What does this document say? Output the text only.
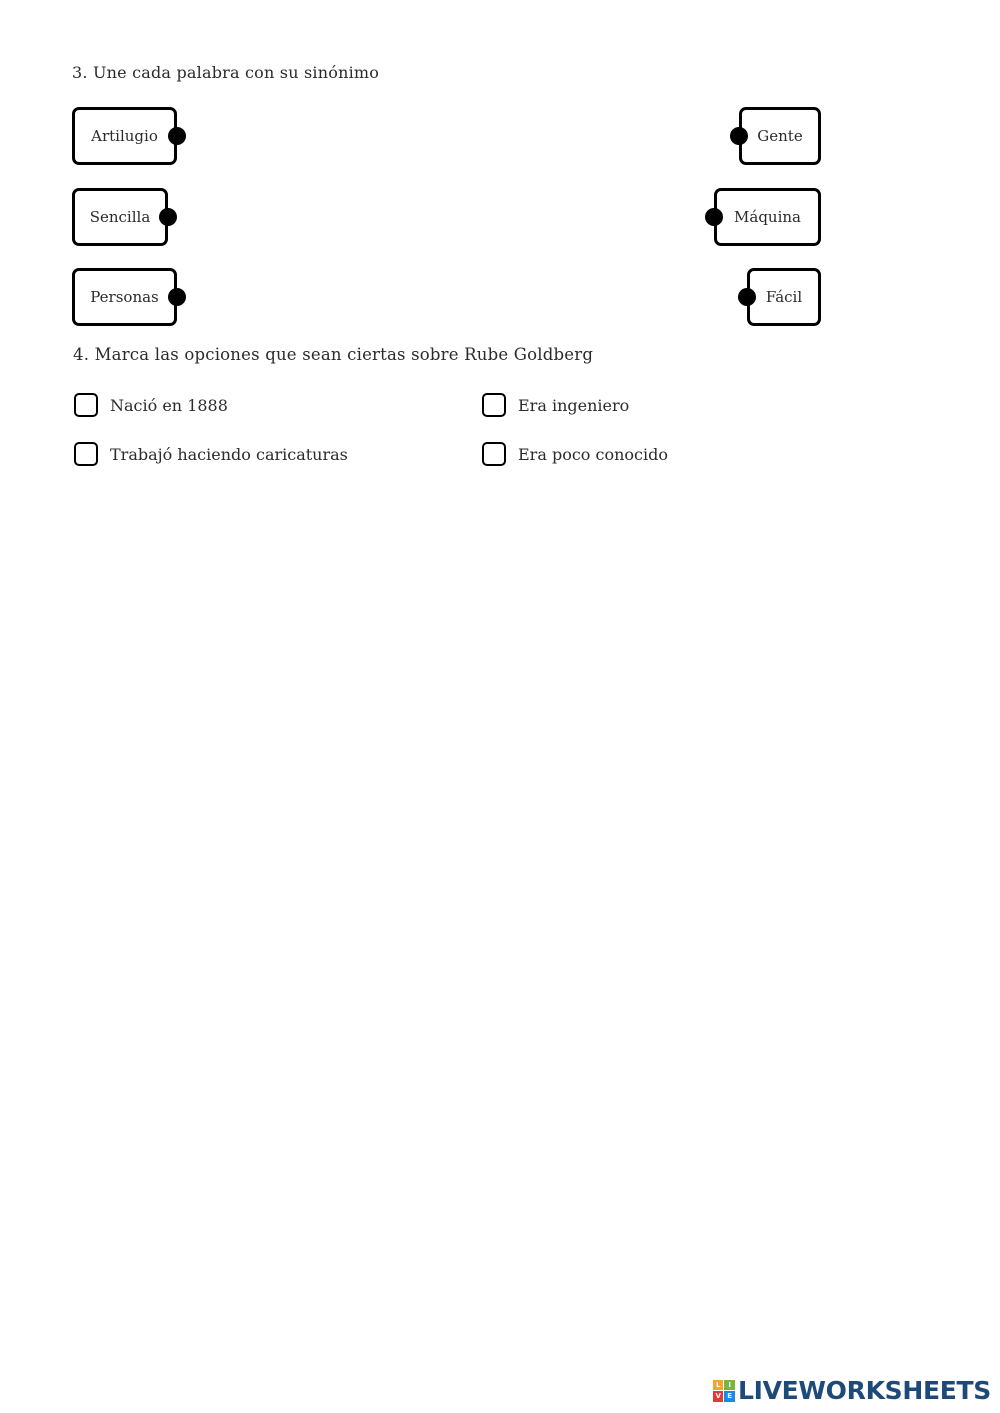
3. Une cada palabra con su sinónimo
Artilugio
Sencilla
Personas
Gente
Máquina
Fácil
4. Marca las opciones que sean ciertas sobre Rube Goldberg
Nació en 1888	Era ingeniero
Trabajó haciendo caricaturas	Era poco conocido
L	I
V E LIVEWORKSHEETS
